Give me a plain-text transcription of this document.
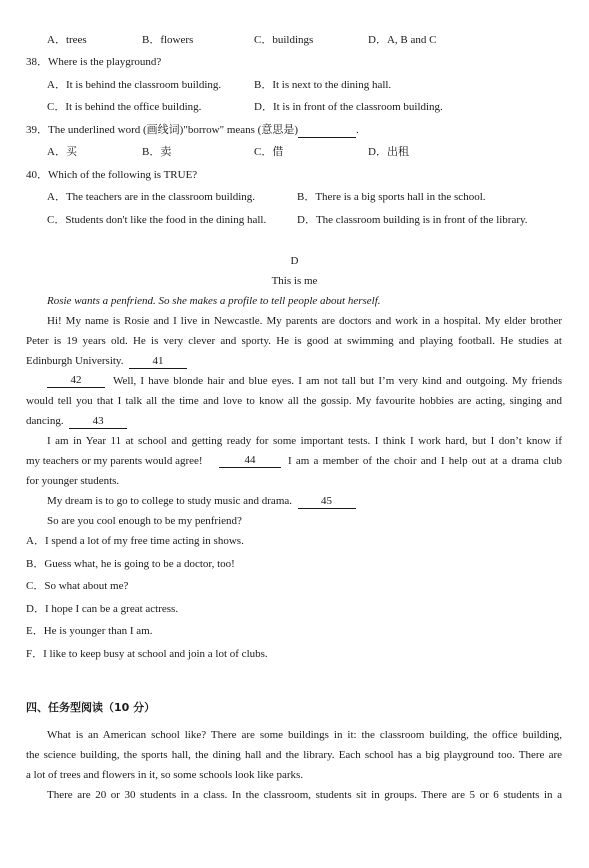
A．trees	B．flowers	C．buildings	D．A, B and C
38．Where is the playground?
A．It is behind the classroom building.	B．It is next to the dining hall.
C．It is behind the office building.	D．It is in front of the classroom building.
39．The underlined word (画线词)"borrow" means (意思是)	.
A．买	B．卖	C．借	D．出租
40．Which of the following is TRUE?
A．The teachers are in the classroom building.	B．There is a big sports hall in the school.
C．Students don't like the food in the dining hall.	D．The classroom building is in front of the library.
D
This is me
Rosie wants a penfriend. So she makes a profile to tell people about herself.
Hi! My name is Rosie and I live in Newcastle. My parents are doctors and work in a hospital. My elder brother
Peter is 19 years old. He is very clever and sporty. He is good at swimming and playing football. He studies at
Edinburgh University.	41
42	Well, I have blonde hair and blue eyes. I am not tall but I’m very kind and outgoing. My friends
would tell you that I talk all the time and love to know all the gossip. My favourite hobbies are acting, singing and
dancing.	43
I am in Year 11 at school and getting ready for some important tests. I think I work hard, but I don’t know if
my teachers or my parents would agree!	44	I am a member of the choir and I help out at a drama club
for younger students.
My dream is to go to college to study music and drama.	45
So are you cool enough to be my penfriend?
A．I spend a lot of my free time acting in shows.
B．Guess what, he is going to be a doctor, too!
C．So what about me?
D．I hope I can be a great actress.
E．He is younger than I am.
F．I like to keep busy at school and join a lot of clubs.
四、任务型阅读（10 分）
What is an American school like? There are some buildings in it: the classroom building, the office building,
the science building, the sports hall, the dining hall and the library. Each school has a big playground too. There are
a lot of trees and flowers in it, so some schools look like parks.
There are 20 or 30 students in a class. In the classroom, students sit in groups. There are 5 or 6 students in a
